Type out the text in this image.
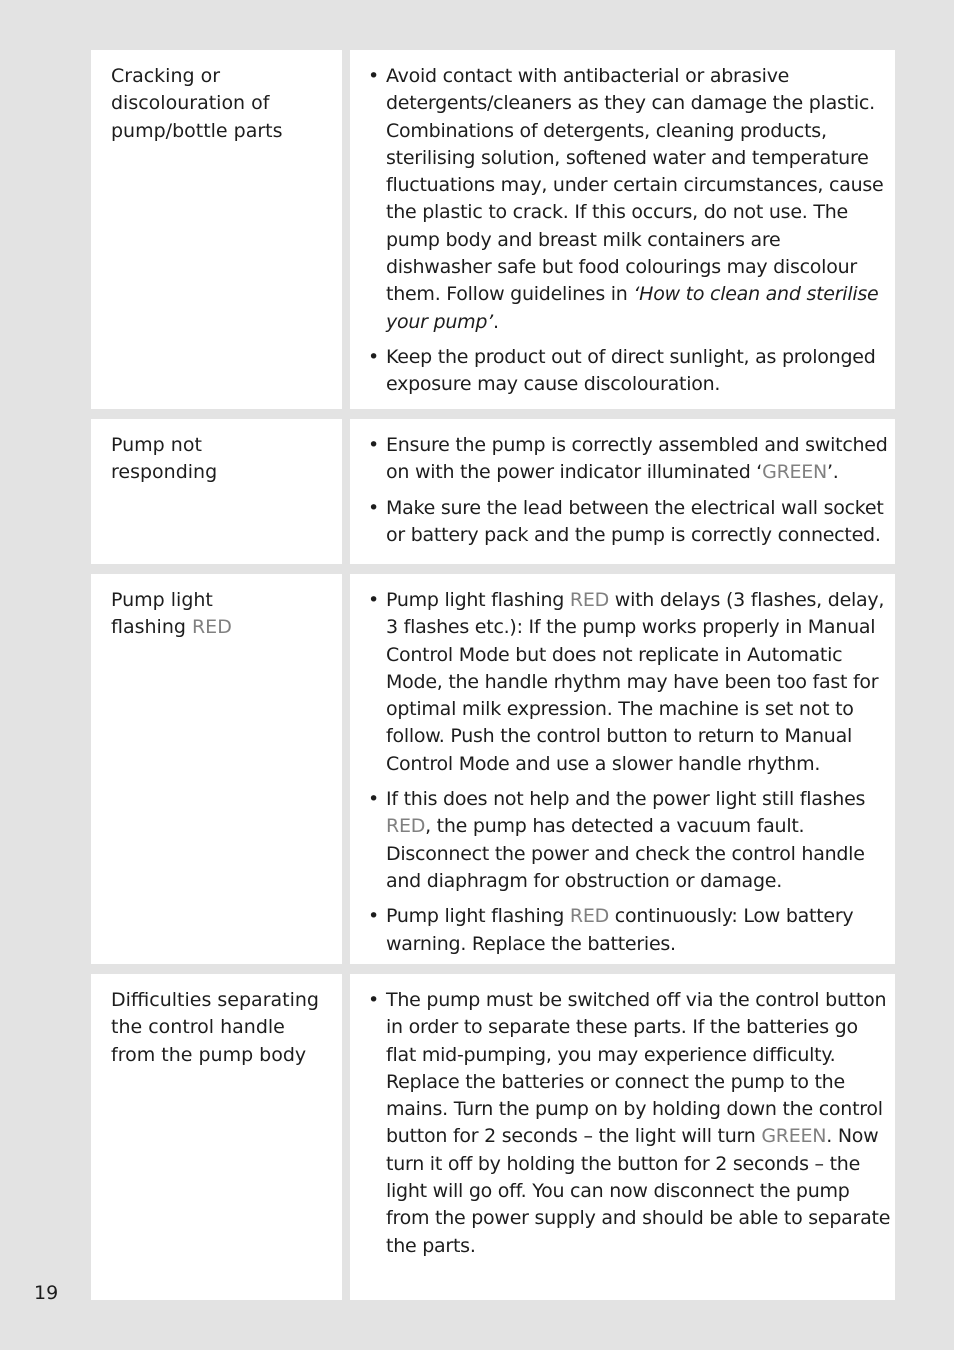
Cracking or
discolouration of
pump/bottle parts
• Avoid contact with antibacterial or abrasive detergents/cleaners as they can damage the plastic. Combinations of detergents, cleaning products, sterilising solution, softened water and temperature fluctuations may, under certain circumstances, cause the plastic to crack. If this occurs, do not use. The pump body and breast milk containers are dishwasher safe but food colourings may discolour them. Follow guidelines in ‘How to clean and sterilise your pump’.
• Keep the product out of direct sunlight, as prolonged exposure may cause discolouration.
Pump not
responding
• Ensure the pump is correctly assembled and switched on with the power indicator illuminated ‘GREEN’.
• Make sure the lead between the electrical wall socket or battery pack and the pump is correctly connected.
Pump light
flashing RED
• Pump light flashing RED with delays (3 flashes, delay, 3 flashes etc.): If the pump works properly in Manual Control Mode but does not replicate in Automatic Mode, the handle rhythm may have been too fast for optimal milk expression. The machine is set not to follow. Push the control button to return to Manual Control Mode and use a slower handle rhythm.
• If this does not help and the power light still flashes RED, the pump has detected a vacuum fault. Disconnect the power and check the control handle and diaphragm for obstruction or damage.
• Pump light flashing RED continuously: Low battery warning. Replace the batteries.
Difficulties separating
the control handle
from the pump body
• The pump must be switched off via the control button in order to separate these parts. If the batteries go flat mid-pumping, you may experience difficulty. Replace the batteries or connect the pump to the mains. Turn the pump on by holding down the control button for 2 seconds – the light will turn GREEN. Now turn it off by holding the button for 2 seconds – the light will go off. You can now disconnect the pump from the power supply and should be able to separate the parts.
19
